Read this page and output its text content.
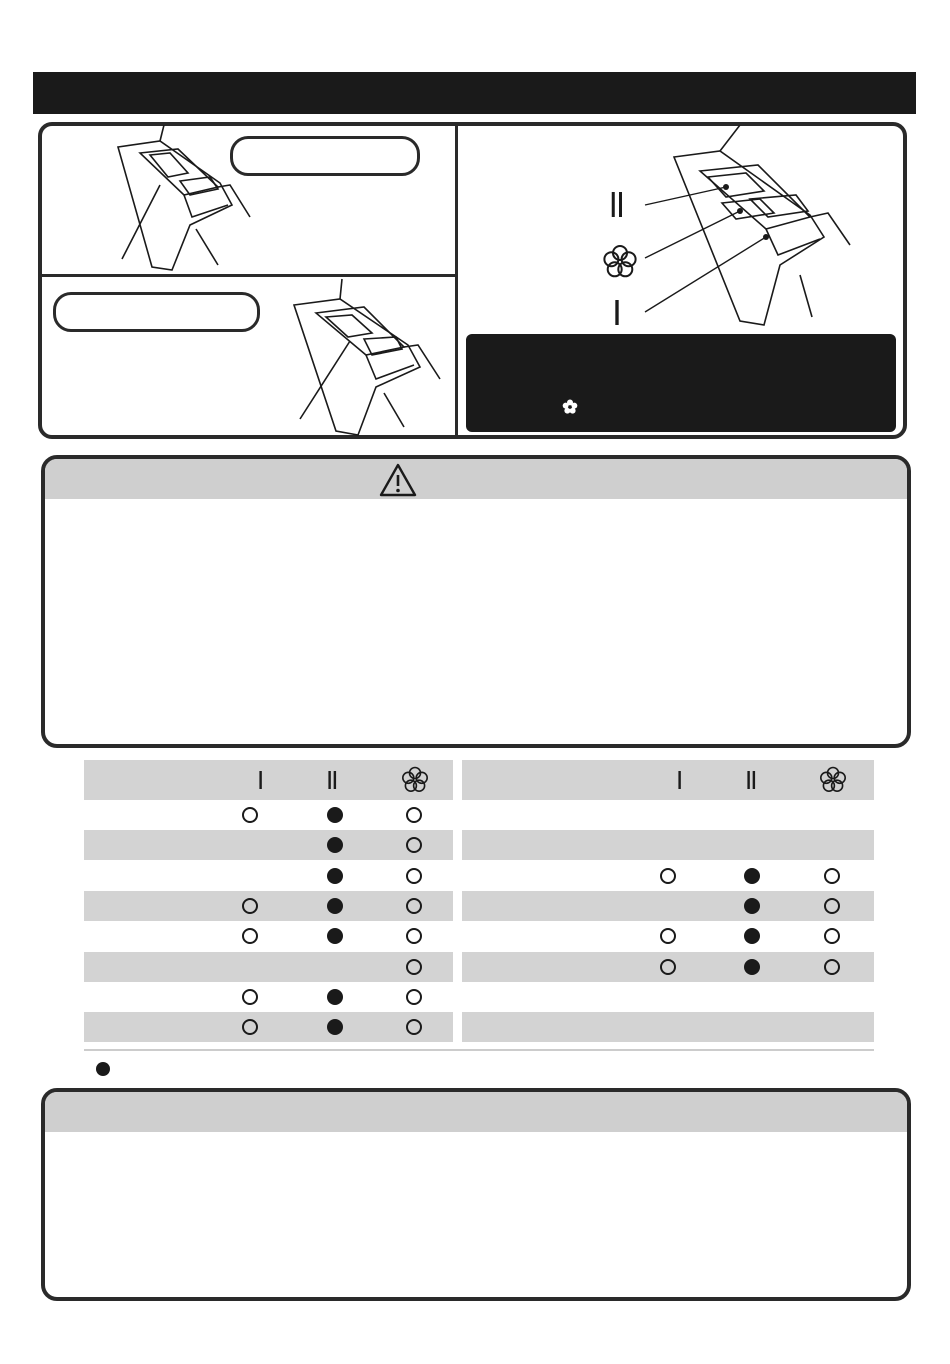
II
I
I II	I II
